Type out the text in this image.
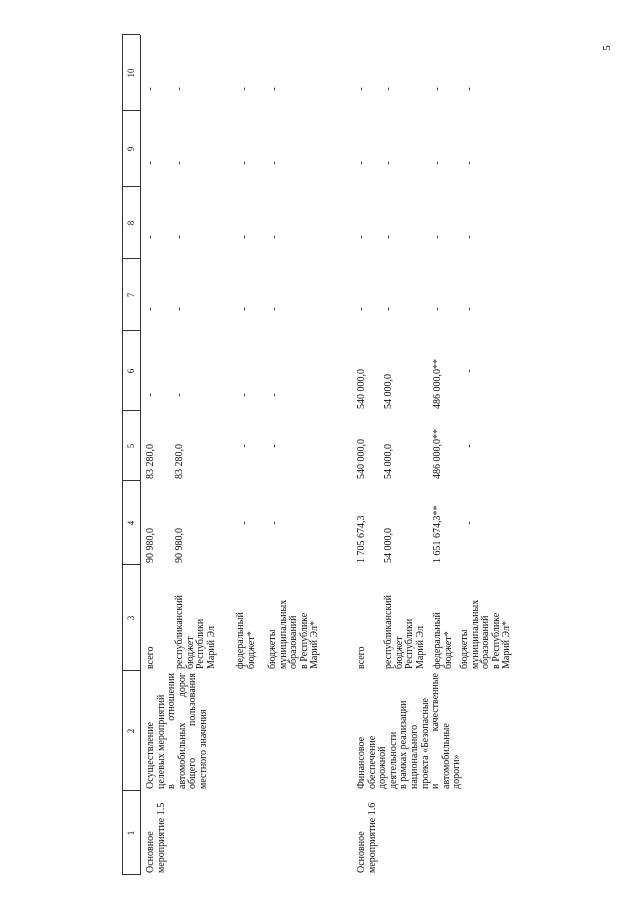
5
1
2
3
4
5
6
7
8
9
10
Основное
мероприятие 1.5
Осуществление целевых мероприятий в отношении автомобильных дорог общего пользования местного значения
всего
90 980,0
83 280,0
-
-
-
-
-
республиканский
бюджет
Республики
Марий Эл
90 980,0
83 280,0
-
-
-
-
-
федеральный
бюджет*
-
-
-
-
-
-
-
бюджеты
муниципальных
образований
в Республике
Марий Эл*
-
-
-
-
-
-
-
Основное
мероприятие 1.6
Финансовое обеспечение дорожной деятельности в рамках реализации национального проекта «Безопасные и качественные автомобильные дороги»
всего
1 705 674,3
540 000,0
540 000,0
-
-
-
-
республиканский
бюджет
Республики
Марий Эл
54 000,0
54 000,0
54 000,0
-
-
-
-
федеральный
бюджет*
1 651 674,3**
486 000,0**
486 000,0**
-
-
-
-
бюджеты
муниципальных
образований
в Республике
Марий Эл*
-
-
-
-
-
-
-
